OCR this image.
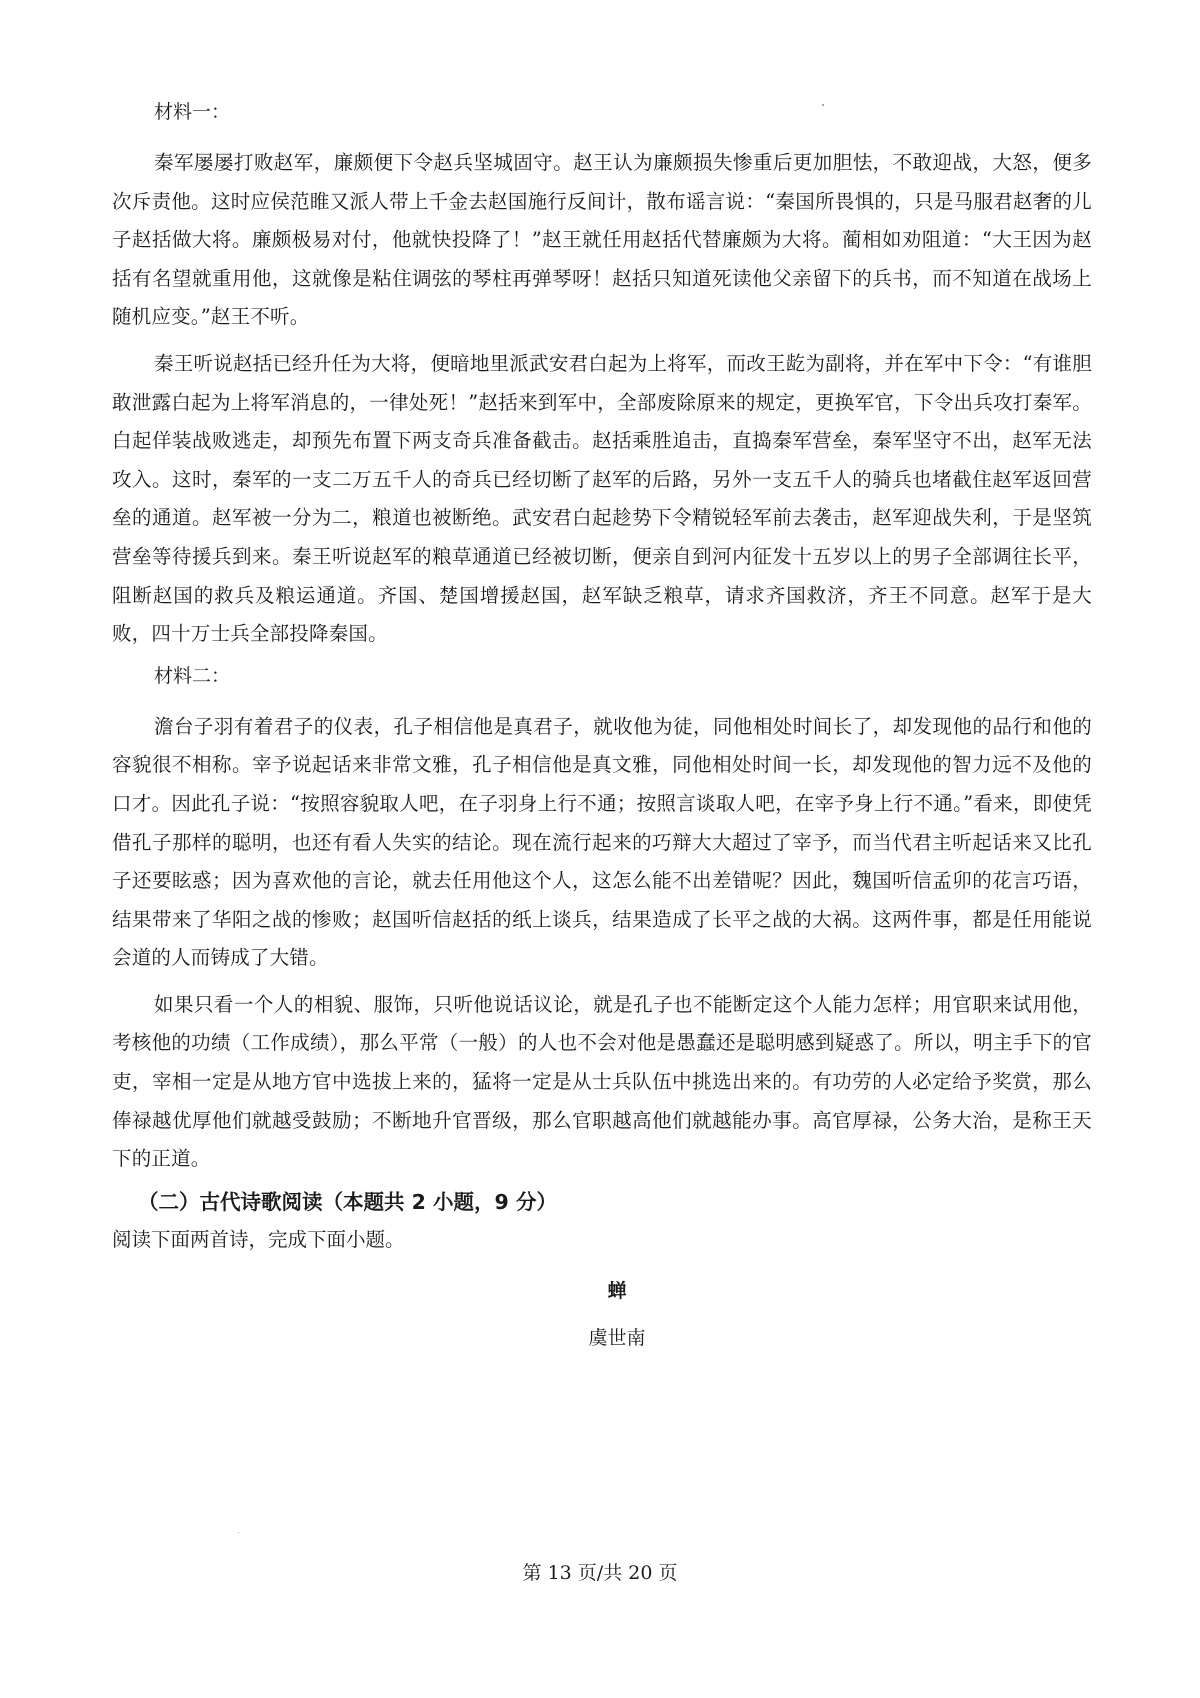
材料一：

秦军屡屡打败赵军，廉颇便下令赵兵坚城固守。赵王认为廉颇损失惨重后更加胆怯，不敢迎战，大怒，便多次斥责他。这时应侯范睢又派人带上千金去赵国施行反间计，散布谣言说：“秦国所畏惧的，只是马服君赵奢的儿子赵括做大将。廉颇极易对付，他就快投降了！”赵王就任用赵括代替廉颇为大将。蔺相如劝阻道：“大王因为赵括有名望就重用他，这就像是粘住调弦的琴柱再弹琴呀！赵括只知道死读他父亲留下的兵书，而不知道在战场上随机应变。”赵王不听。

秦王听说赵括已经升任为大将，便暗地里派武安君白起为上将军，而改王龁为副将，并在军中下令：“有谁胆敢泄露白起为上将军消息的，一律处死！”赵括来到军中，全部废除原来的规定，更换军官，下令出兵攻打秦军。白起佯装战败逃走，却预先布置下两支奇兵准备截击。赵括乘胜追击，直捣秦军营垒，秦军坚守不出，赵军无法攻入。这时，秦军的一支二万五千人的奇兵已经切断了赵军的后路，另外一支五千人的骑兵也堵截住赵军返回营垒的通道。赵军被一分为二，粮道也被断绝。武安君白起趁势下令精锐轻军前去袭击，赵军迎战失利，于是坚筑营垒等待援兵到来。秦王听说赵军的粮草通道已经被切断，便亲自到河内征发十五岁以上的男子全部调往长平，阻断赵国的救兵及粮运通道。齐国、楚国增援赵国，赵军缺乏粮草，请求齐国救济，齐王不同意。赵军于是大败，四十万士兵全部投降秦国。

材料二：

澹台子羽有着君子的仪表，孔子相信他是真君子，就收他为徒，同他相处时间长了，却发现他的品行和他的容貌很不相称。宰予说起话来非常文雅，孔子相信他是真文雅，同他相处时间一长，却发现他的智力远不及他的口才。因此孔子说：“按照容貌取人吧，在子羽身上行不通；按照言谈取人吧，在宰予身上行不通。”看来，即使凭借孔子那样的聪明，也还有看人失实的结论。现在流行起来的巧辩大大超过了宰予，而当代君主听起话来又比孔子还要眩惑；因为喜欢他的言论，就去任用他这个人，这怎么能不出差错呢？因此，魏国听信孟卯的花言巧语，结果带来了华阳之战的惨败；赵国听信赵括的纸上谈兵，结果造成了长平之战的大祸。这两件事，都是任用能说会道的人而铸成了大错。

如果只看一个人的相貌、服饰，只听他说话议论，就是孔子也不能断定这个人能力怎样；用官职来试用他，考核他的功绩（工作成绩），那么平常（一般）的人也不会对他是愚蠢还是聪明感到疑惑了。所以，明主手下的官吏，宰相一定是从地方官中选拔上来的，猛将一定是从士兵队伍中挑选出来的。有功劳的人必定给予奖赏，那么俸禄越优厚他们就越受鼓励；不断地升官晋级，那么官职越高他们就越能办事。高官厚禄，公务大治，是称王天下的正道。

（二）古代诗歌阅读（本题共 2 小题，9 分）

阅读下面两首诗，完成下面小题。

蝉

虞世南

第 13 页/共 20 页
